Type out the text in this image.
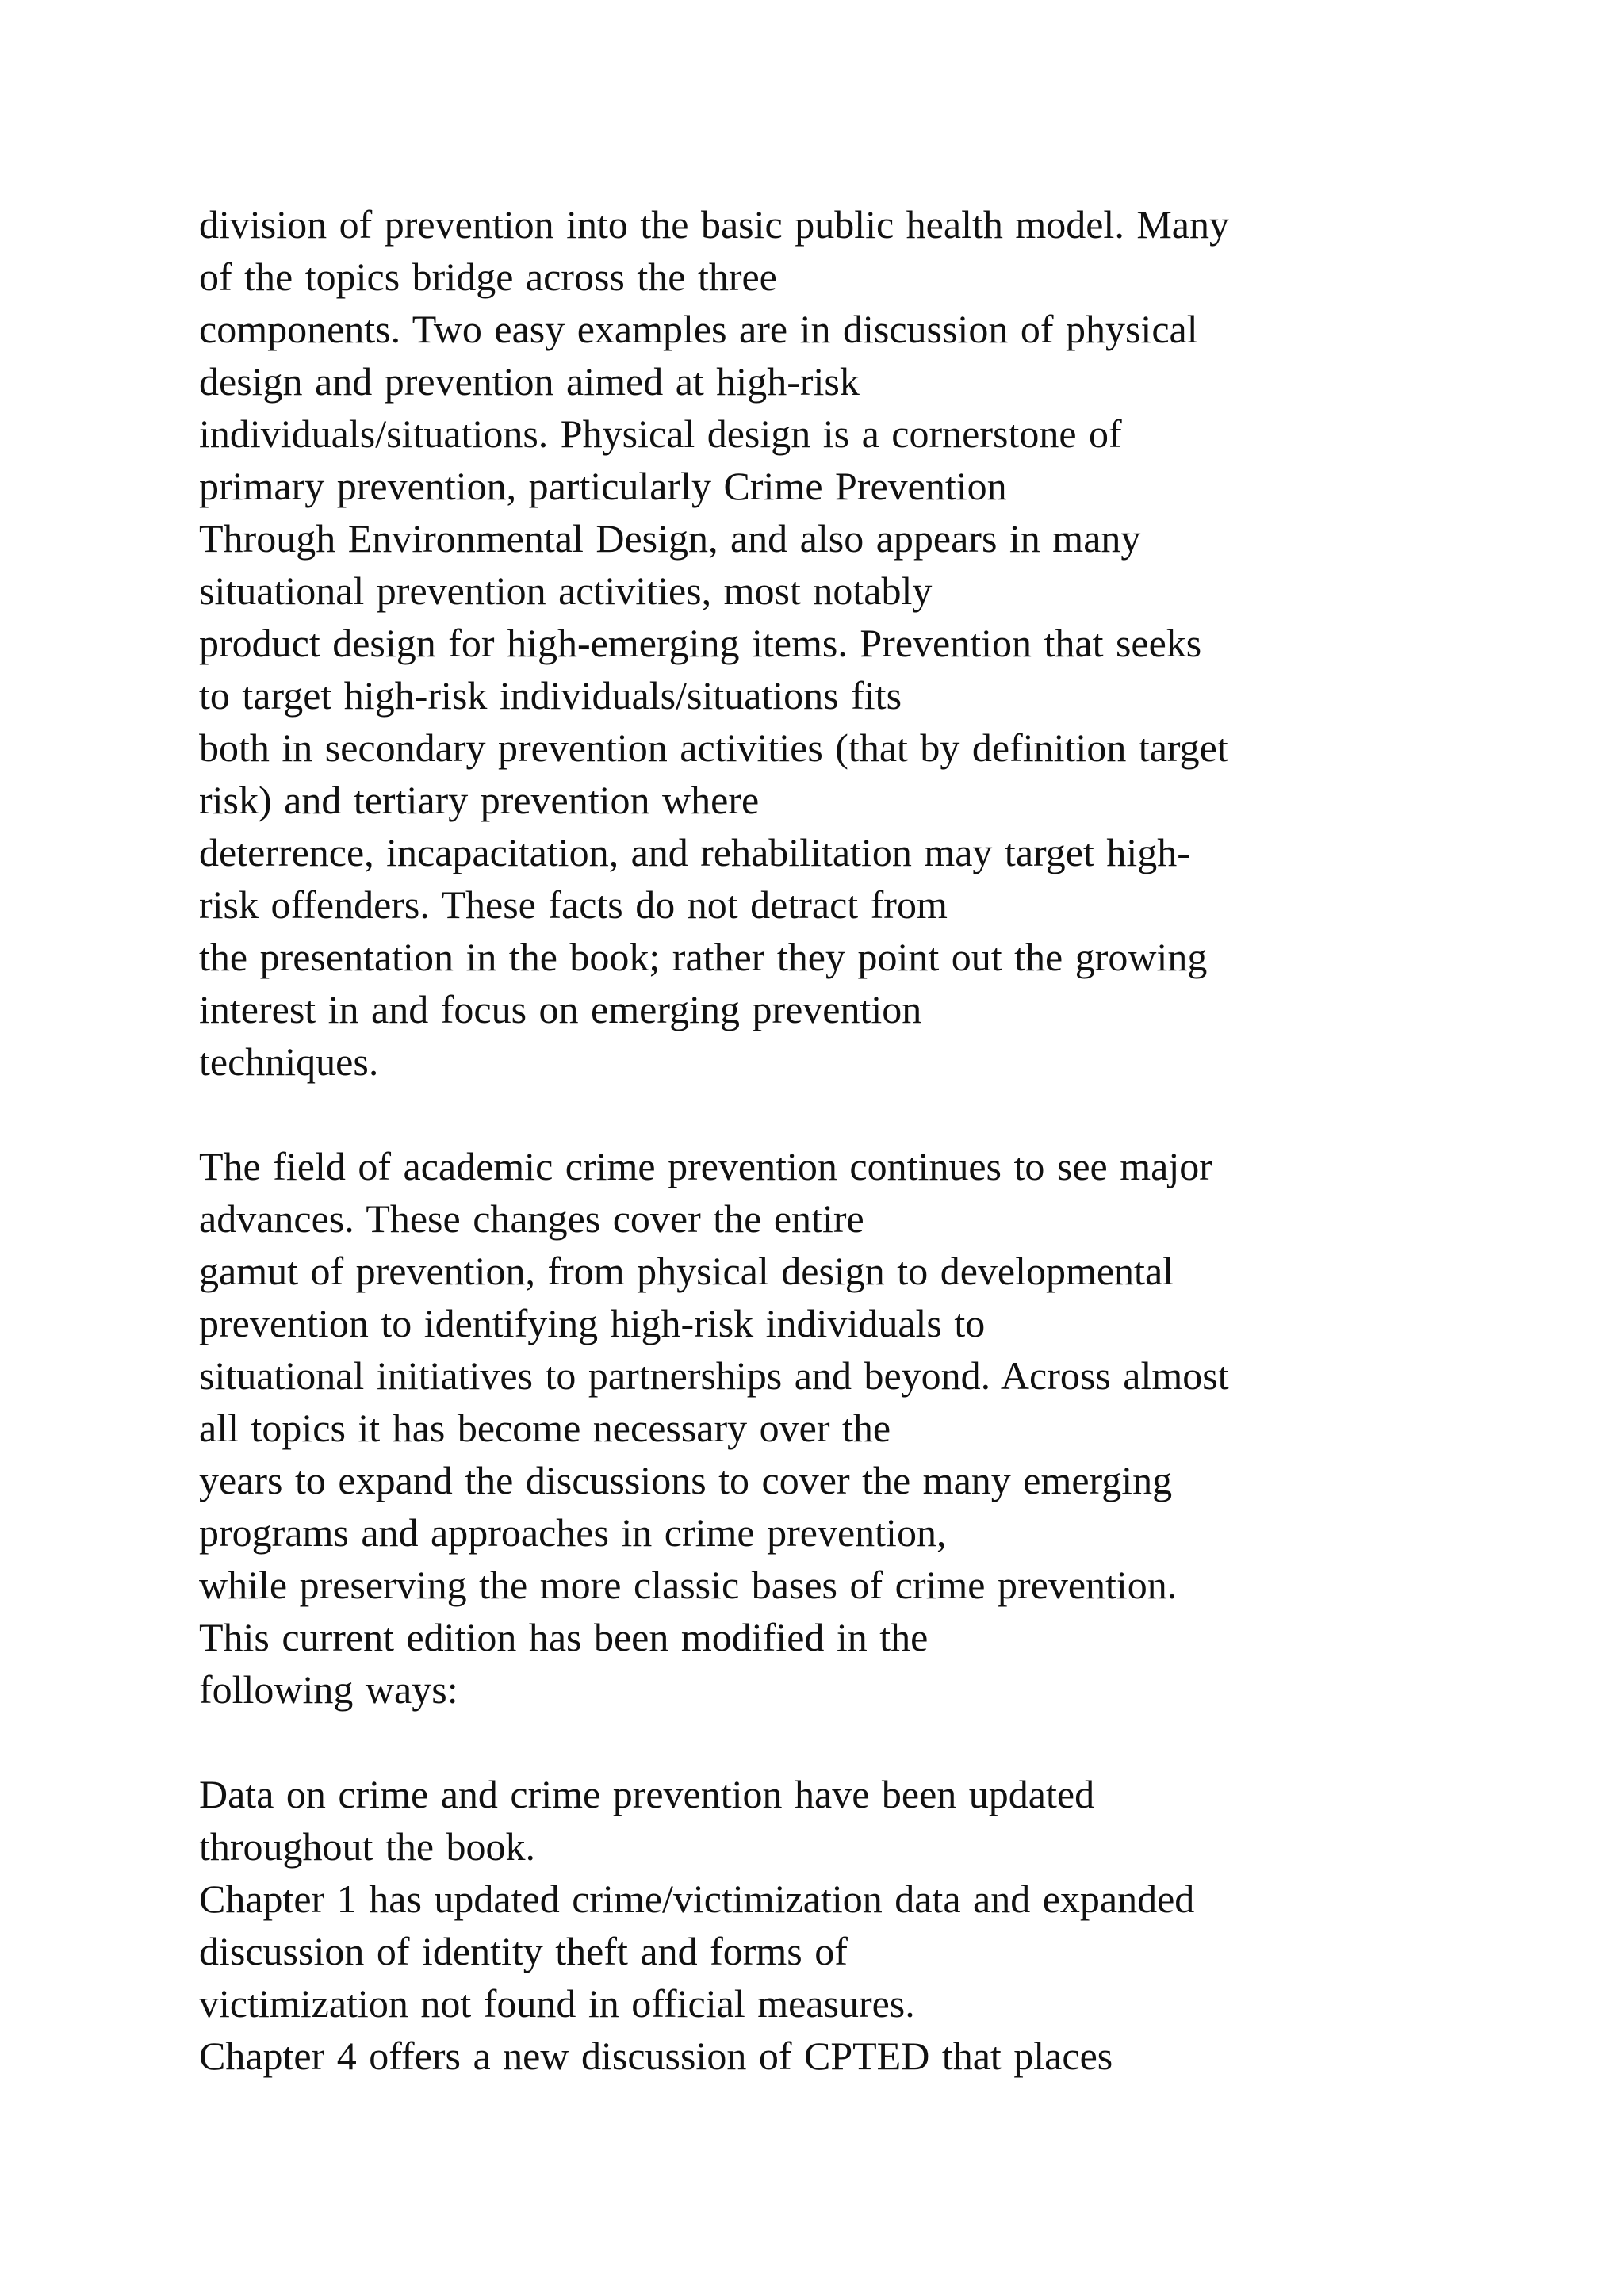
division of prevention into the basic public health model. Many
of the topics bridge across the three
components. Two easy examples are in discussion of physical
design and prevention aimed at high-risk
individuals/situations. Physical design is a cornerstone of
primary prevention, particularly Crime Prevention
Through Environmental Design, and also appears in many
situational prevention activities, most notably
product design for high-emerging items. Prevention that seeks
to target high-risk individuals/situations fits
both in secondary prevention activities (that by definition target
risk) and tertiary prevention where
deterrence, incapacitation, and rehabilitation may target high-
risk offenders. These facts do not detract from
the presentation in the book; rather they point out the growing
interest in and focus on emerging prevention
techniques.
The field of academic crime prevention continues to see major
advances. These changes cover the entire
gamut of prevention, from physical design to developmental
prevention to identifying high-risk individuals to
situational initiatives to partnerships and beyond. Across almost
all topics it has become necessary over the
years to expand the discussions to cover the many emerging
programs and approaches in crime prevention,
while preserving the more classic bases of crime prevention.
This current edition has been modified in the
following ways:
Data on crime and crime prevention have been updated
throughout the book.
Chapter 1 has updated crime/victimization data and expanded
discussion of identity theft and forms of
victimization not found in official measures.
Chapter 4 offers a new discussion of CPTED that places
